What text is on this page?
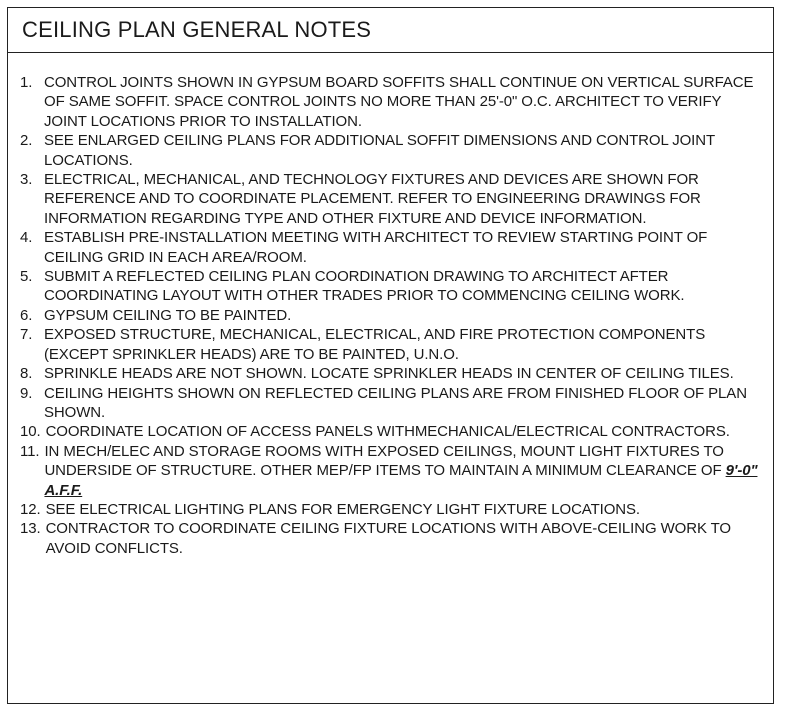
CEILING PLAN GENERAL NOTES
1. CONTROL JOINTS SHOWN IN GYPSUM BOARD SOFFITS SHALL CONTINUE ON VERTICAL SURFACE OF SAME SOFFIT. SPACE CONTROL JOINTS NO MORE THAN 25'-0" O.C. ARCHITECT TO VERIFY JOINT LOCATIONS PRIOR TO INSTALLATION.
2. SEE ENLARGED CEILING PLANS FOR ADDITIONAL SOFFIT DIMENSIONS AND CONTROL JOINT LOCATIONS.
3. ELECTRICAL, MECHANICAL, AND TECHNOLOGY FIXTURES AND DEVICES ARE SHOWN FOR REFERENCE AND TO COORDINATE PLACEMENT. REFER TO ENGINEERING DRAWINGS FOR INFORMATION REGARDING TYPE AND OTHER FIXTURE AND DEVICE INFORMATION.
4. ESTABLISH PRE-INSTALLATION MEETING WITH ARCHITECT TO REVIEW STARTING POINT OF CEILING GRID IN EACH AREA/ROOM.
5. SUBMIT A REFLECTED CEILING PLAN COORDINATION DRAWING TO ARCHITECT AFTER COORDINATING LAYOUT WITH OTHER TRADES PRIOR TO COMMENCING CEILING WORK.
6. GYPSUM CEILING TO BE PAINTED.
7. EXPOSED STRUCTURE, MECHANICAL, ELECTRICAL, AND FIRE PROTECTION COMPONENTS (EXCEPT SPRINKLER HEADS) ARE TO BE PAINTED, U.N.O.
8. SPRINKLE HEADS ARE NOT SHOWN. LOCATE SPRINKLER HEADS IN CENTER OF CEILING TILES.
9. CEILING HEIGHTS SHOWN ON REFLECTED CEILING PLANS ARE FROM FINISHED FLOOR OF PLAN SHOWN.
10. COORDINATE LOCATION OF ACCESS PANELS WITHMECHANICAL/ELECTRICAL CONTRACTORS.
11. IN MECH/ELEC AND STORAGE ROOMS WITH EXPOSED CEILINGS, MOUNT LIGHT FIXTURES TO UNDERSIDE OF STRUCTURE. OTHER MEP/FP ITEMS TO MAINTAIN A MINIMUM CLEARANCE OF 9'-0" A.F.F.
12. SEE ELECTRICAL LIGHTING PLANS FOR EMERGENCY LIGHT FIXTURE LOCATIONS.
13. CONTRACTOR TO COORDINATE CEILING FIXTURE LOCATIONS WITH ABOVE-CEILING WORK TO AVOID CONFLICTS.
